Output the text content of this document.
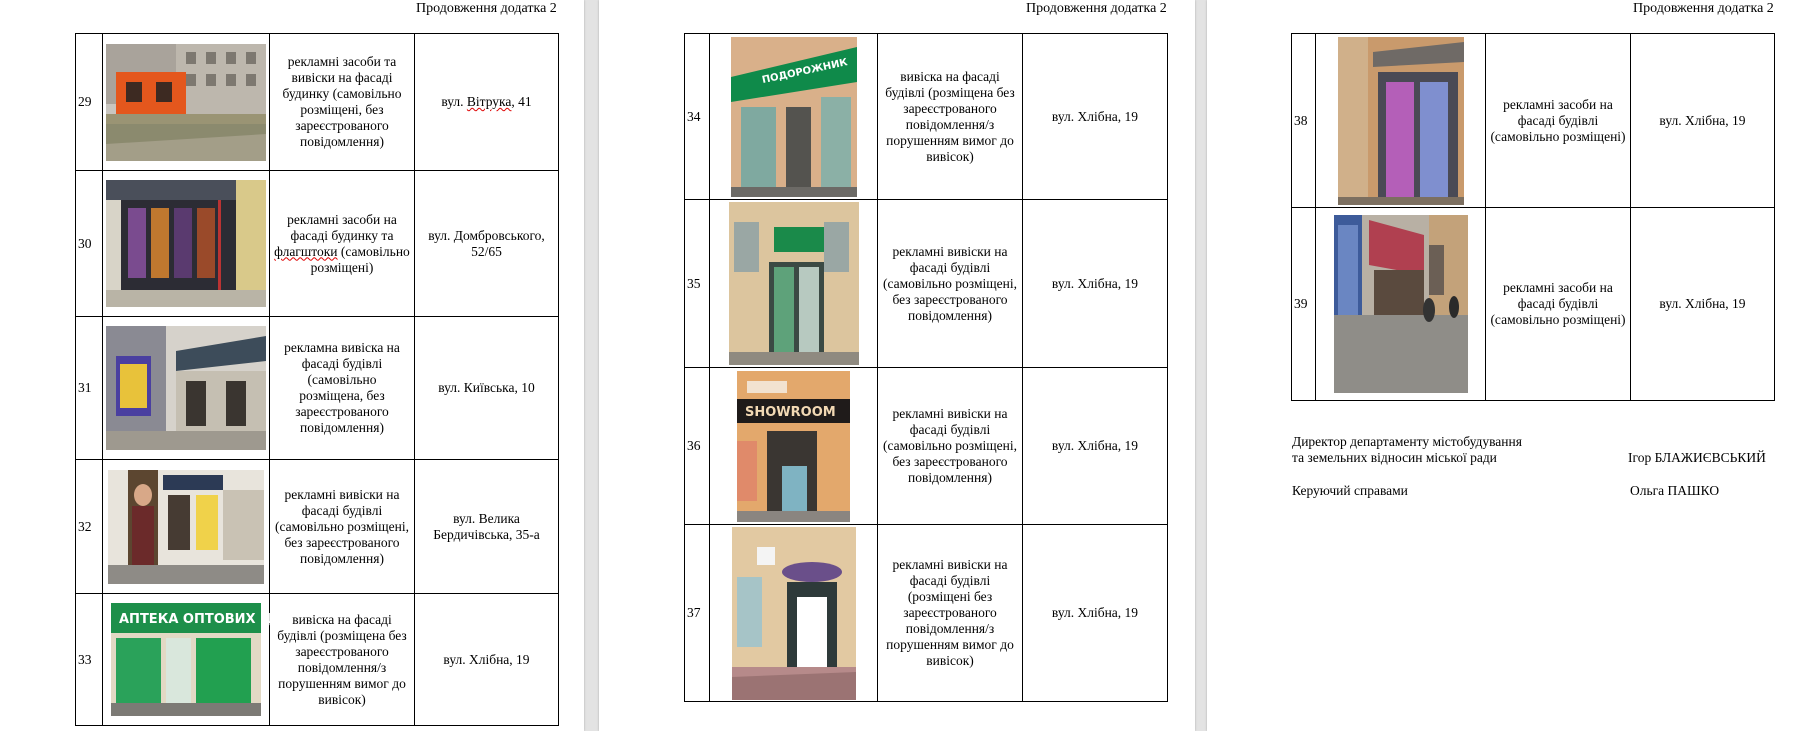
Продовження додатка 2
29		рекламні засоби та вивіски на фасаді будинку (самовільно розміщені, без зареєстрованого повідомлення)	вул. Вітрука, 41
30		рекламні засоби на фасаді будинку та флагштоки (самовільно розміщені)	вул. Домбровського, 52/65
31		рекламна вивіска на фасаді будівлі (самовільно розміщена, без зареєстрованого повідомлення)	вул. Київська, 10
32		рекламні вивіски на фасаді будівлі (самовільно розміщені, без зареєстрованого повідомлення)	вул. Велика Бердичівська, 35-а
33	АПТЕКА ОПТОВИХ Ц...	вивіска на фасаді будівлі (розміщена без зареєстрованого повідомлення/з порушенням вимог до вивісок)	вул. Хлібна, 19
Продовження додатка 2
34	ПОДОРОЖНИК	вивіска на фасаді будівлі (розміщена без зареєстрованого повідомлення/з порушенням вимог до вивісок)	вул. Хлібна, 19
35		рекламні вивіски на фасаді будівлі (самовільно розміщені, без зареєстрованого повідомлення)	вул. Хлібна, 19
36	SHOWROOM	рекламні вивіски на фасаді будівлі (самовільно розміщені, без зареєстрованого повідомлення)	вул. Хлібна, 19
37		рекламні вивіски на фасаді будівлі (розміщені без зареєстрованого повідомлення/з порушенням вимог до вивісок)	вул. Хлібна, 19
Продовження додатка 2
38		рекламні засоби на фасаді будівлі (самовільно розміщені)	вул. Хлібна, 19
39		рекламні засоби на фасаді будівлі (самовільно розміщені)	вул. Хлібна, 19
Директор департаменту містобудування
та земельних відносин міської ради	Ігор БЛАЖИЄВСЬКИЙ
Керуючий справами	Ольга ПАШКО
